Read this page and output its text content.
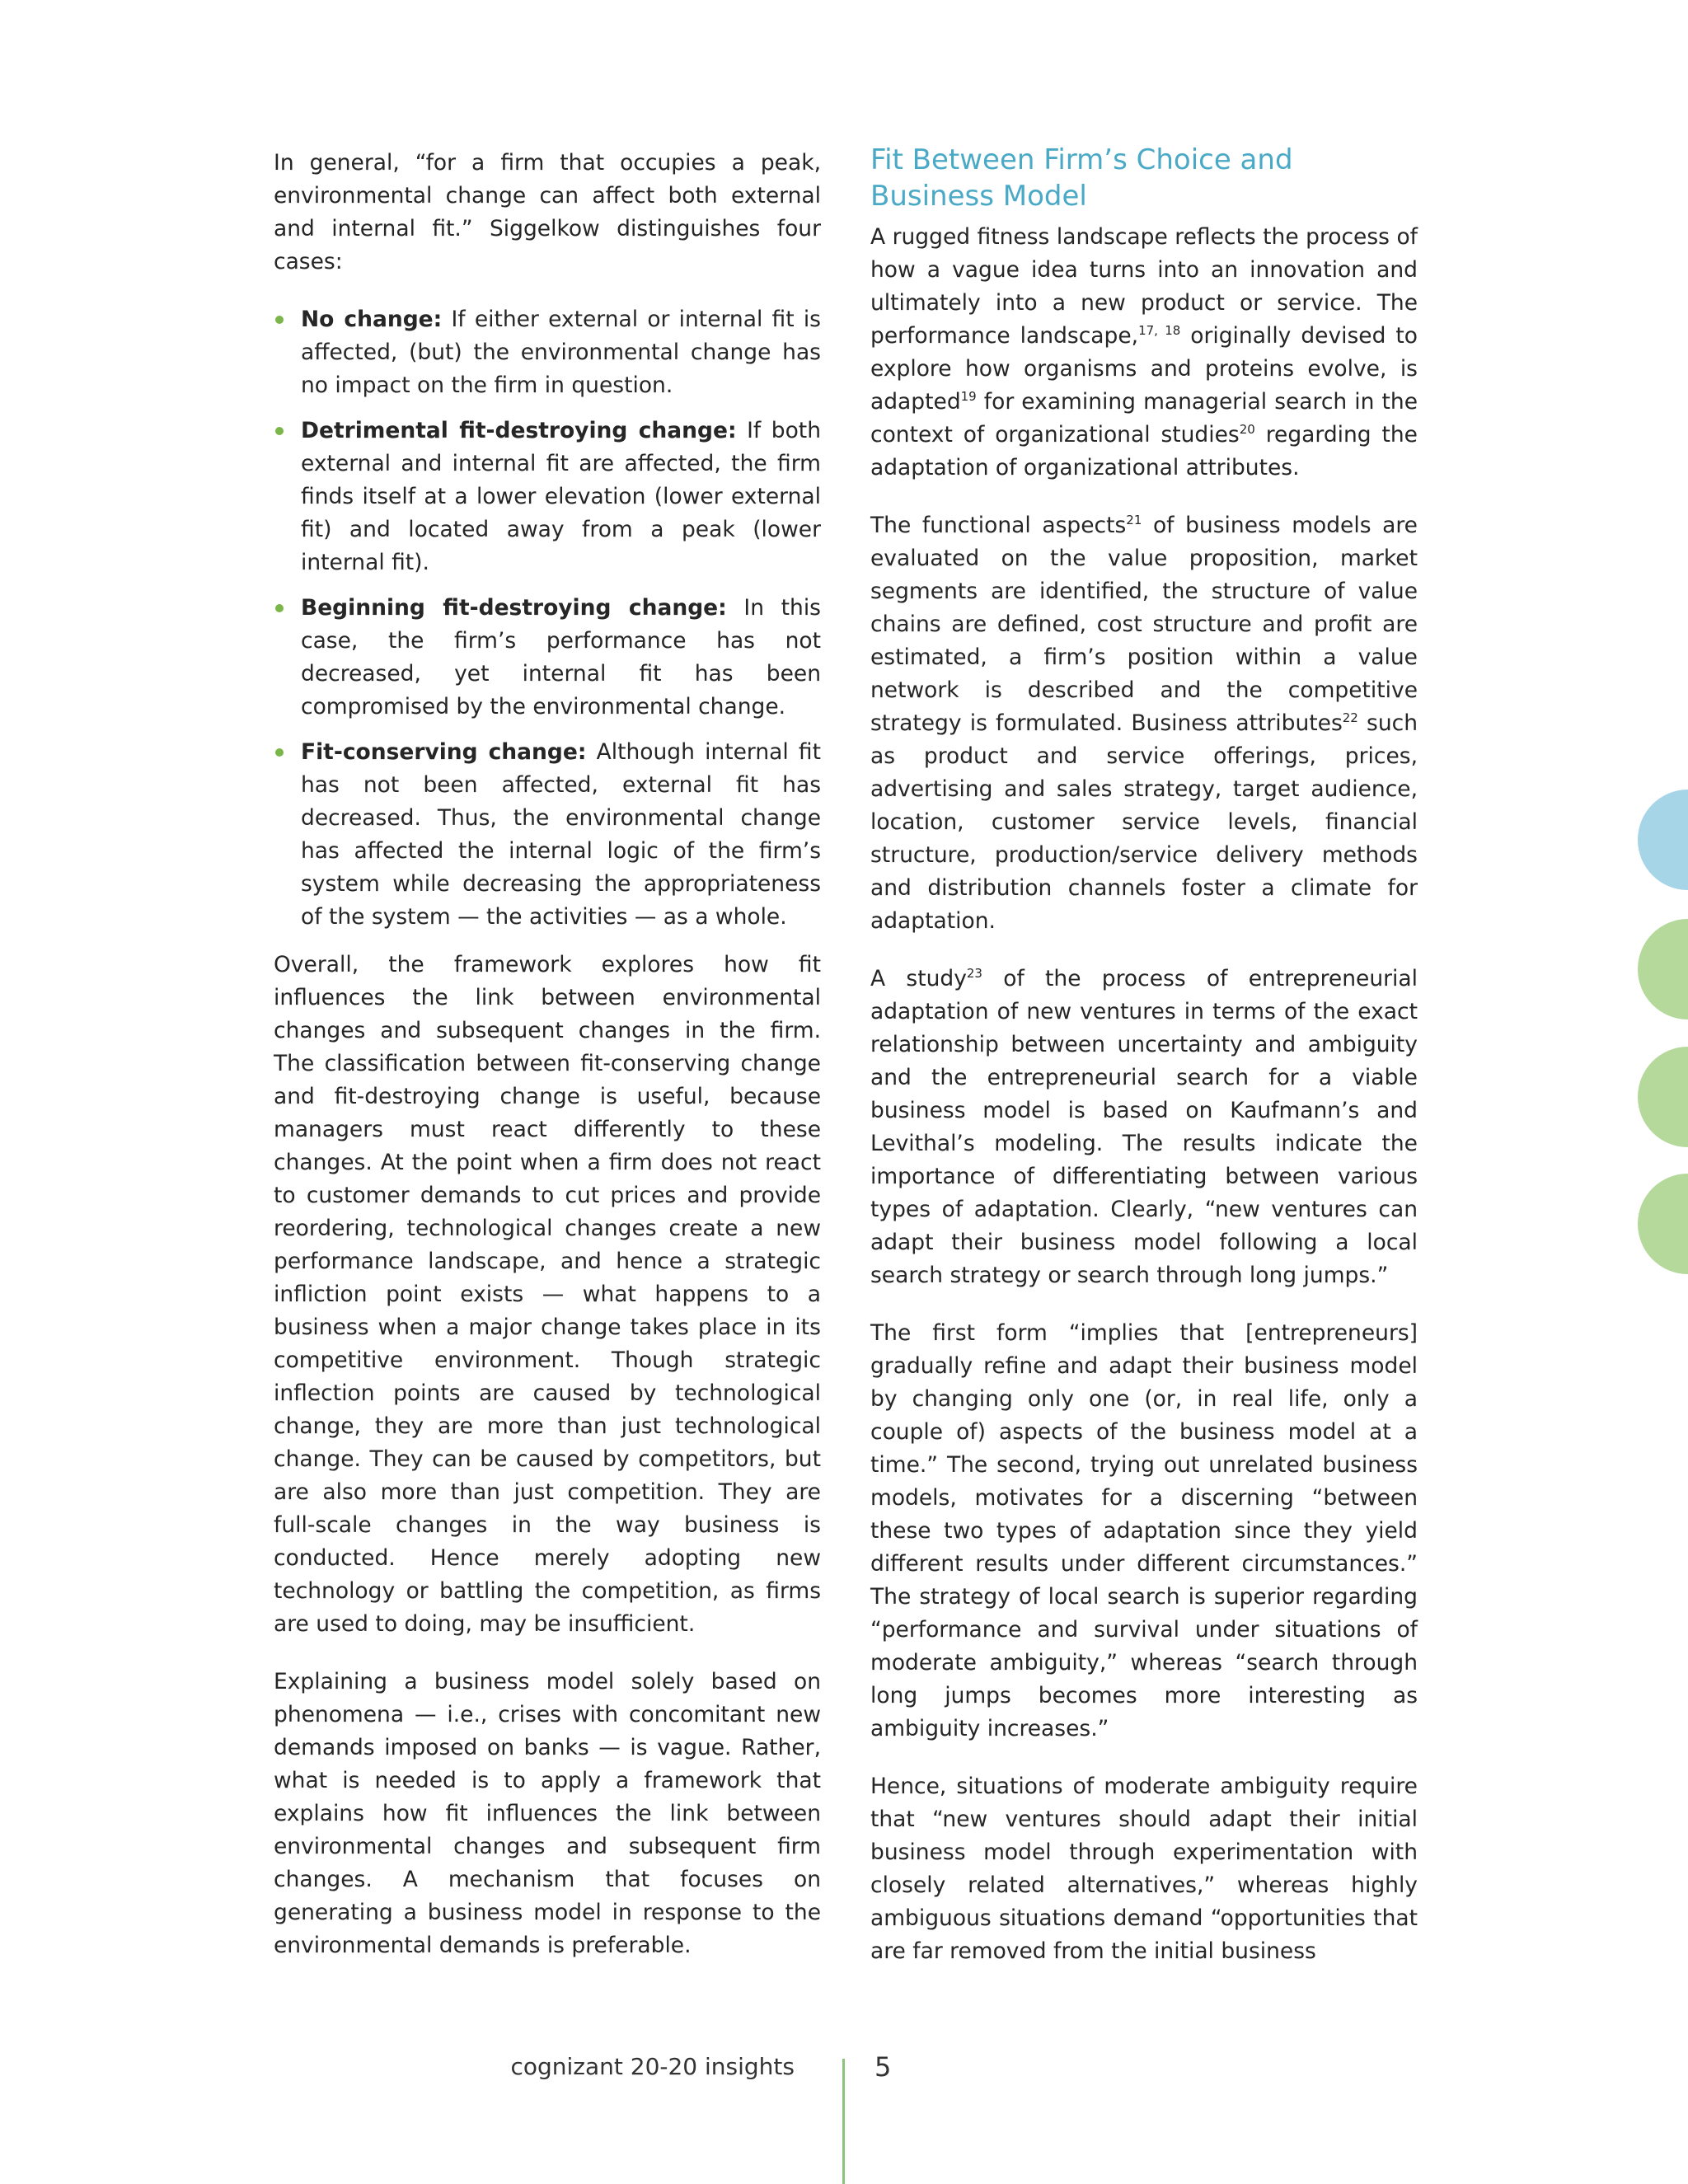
In general, “for a firm that occupies a peak, environmental change can affect both external and internal fit.” Siggelkow distinguishes four cases:

No change: If either external or internal fit is affected, (but) the environmental change has no impact on the firm in question.
Detrimental fit-destroying change: If both external and internal fit are affected, the firm finds itself at a lower elevation (lower external fit) and located away from a peak (lower internal fit).
Beginning fit-destroying change: In this case, the firm’s performance has not decreased, yet internal fit has been compromised by the environmental change.
Fit-conserving change: Although internal fit has not been affected, external fit has decreased. Thus, the environmental change has affected the internal logic of the firm’s system while decreasing the appropriateness of the system — the activities — as a whole.

Overall, the framework explores how fit influences the link between environmental changes and subsequent changes in the firm. The classification between fit-conserving change and fit-destroying change is useful, because managers must react differently to these changes. At the point when a firm does not react to customer demands to cut prices and provide reordering, technological changes create a new performance landscape, and hence a strategic infliction point exists — what happens to a business when a major change takes place in its competitive environment. Though strategic inflection points are caused by technological change, they are more than just technological change. They can be caused by competitors, but are also more than just competition. They are full-scale changes in the way business is conducted. Hence merely adopting new technology or battling the competition, as firms are used to doing, may be insufficient.

Explaining a business model solely based on phenomena — i.e., crises with concomitant new demands imposed on banks — is vague. Rather, what is needed is to apply a framework that explains how fit influences the link between environmental changes and subsequent firm changes. A mechanism that focuses on generating a business model in response to the environmental demands is preferable.

Fit Between Firm’s Choice and
Business Model

A rugged fitness landscape reflects the process of how a vague idea turns into an innovation and ultimately into a new product or service. The performance landscape,$^{17, 18}$ originally devised to explore how organisms and proteins evolve, is adapted$^{19}$ for examining managerial search in the context of organizational studies$^{20}$ regarding the adaptation of organizational attributes.

The functional aspects$^{21}$ of business models are evaluated on the value proposition, market segments are identified, the structure of value chains are defined, cost structure and profit are estimated, a firm’s position within a value network is described and the competitive strategy is formulated. Business attributes$^{22}$ such as product and service offerings, prices, advertising and sales strategy, target audience, location, customer service levels, financial structure, production/service delivery methods and distribution channels foster a climate for adaptation.

A study$^{23}$ of the process of entrepreneurial adaptation of new ventures in terms of the exact relationship between uncertainty and ambiguity and the entrepreneurial search for a viable business model is based on Kaufmann’s and Levithal’s modeling. The results indicate the importance of differentiating between various types of adaptation. Clearly, “new ventures can adapt their business model following a local search strategy or search through long jumps.”

The first form “implies that [entrepreneurs] gradually refine and adapt their business model by changing only one (or, in real life, only a couple of) aspects of the business model at a time.” The second, trying out unrelated business models, motivates for a discerning “between these two types of adaptation since they yield different results under different circumstances.” The strategy of local search is superior regarding “performance and survival under situations of moderate ambiguity,” whereas “search through long jumps becomes more interesting as ambiguity increases.”

Hence, situations of moderate ambiguity require that “new ventures should adapt their initial business model through experimentation with closely related alternatives,” whereas highly ambiguous situations demand “opportunities that are far removed from the initial business

cognizant 20-20 insights	5
